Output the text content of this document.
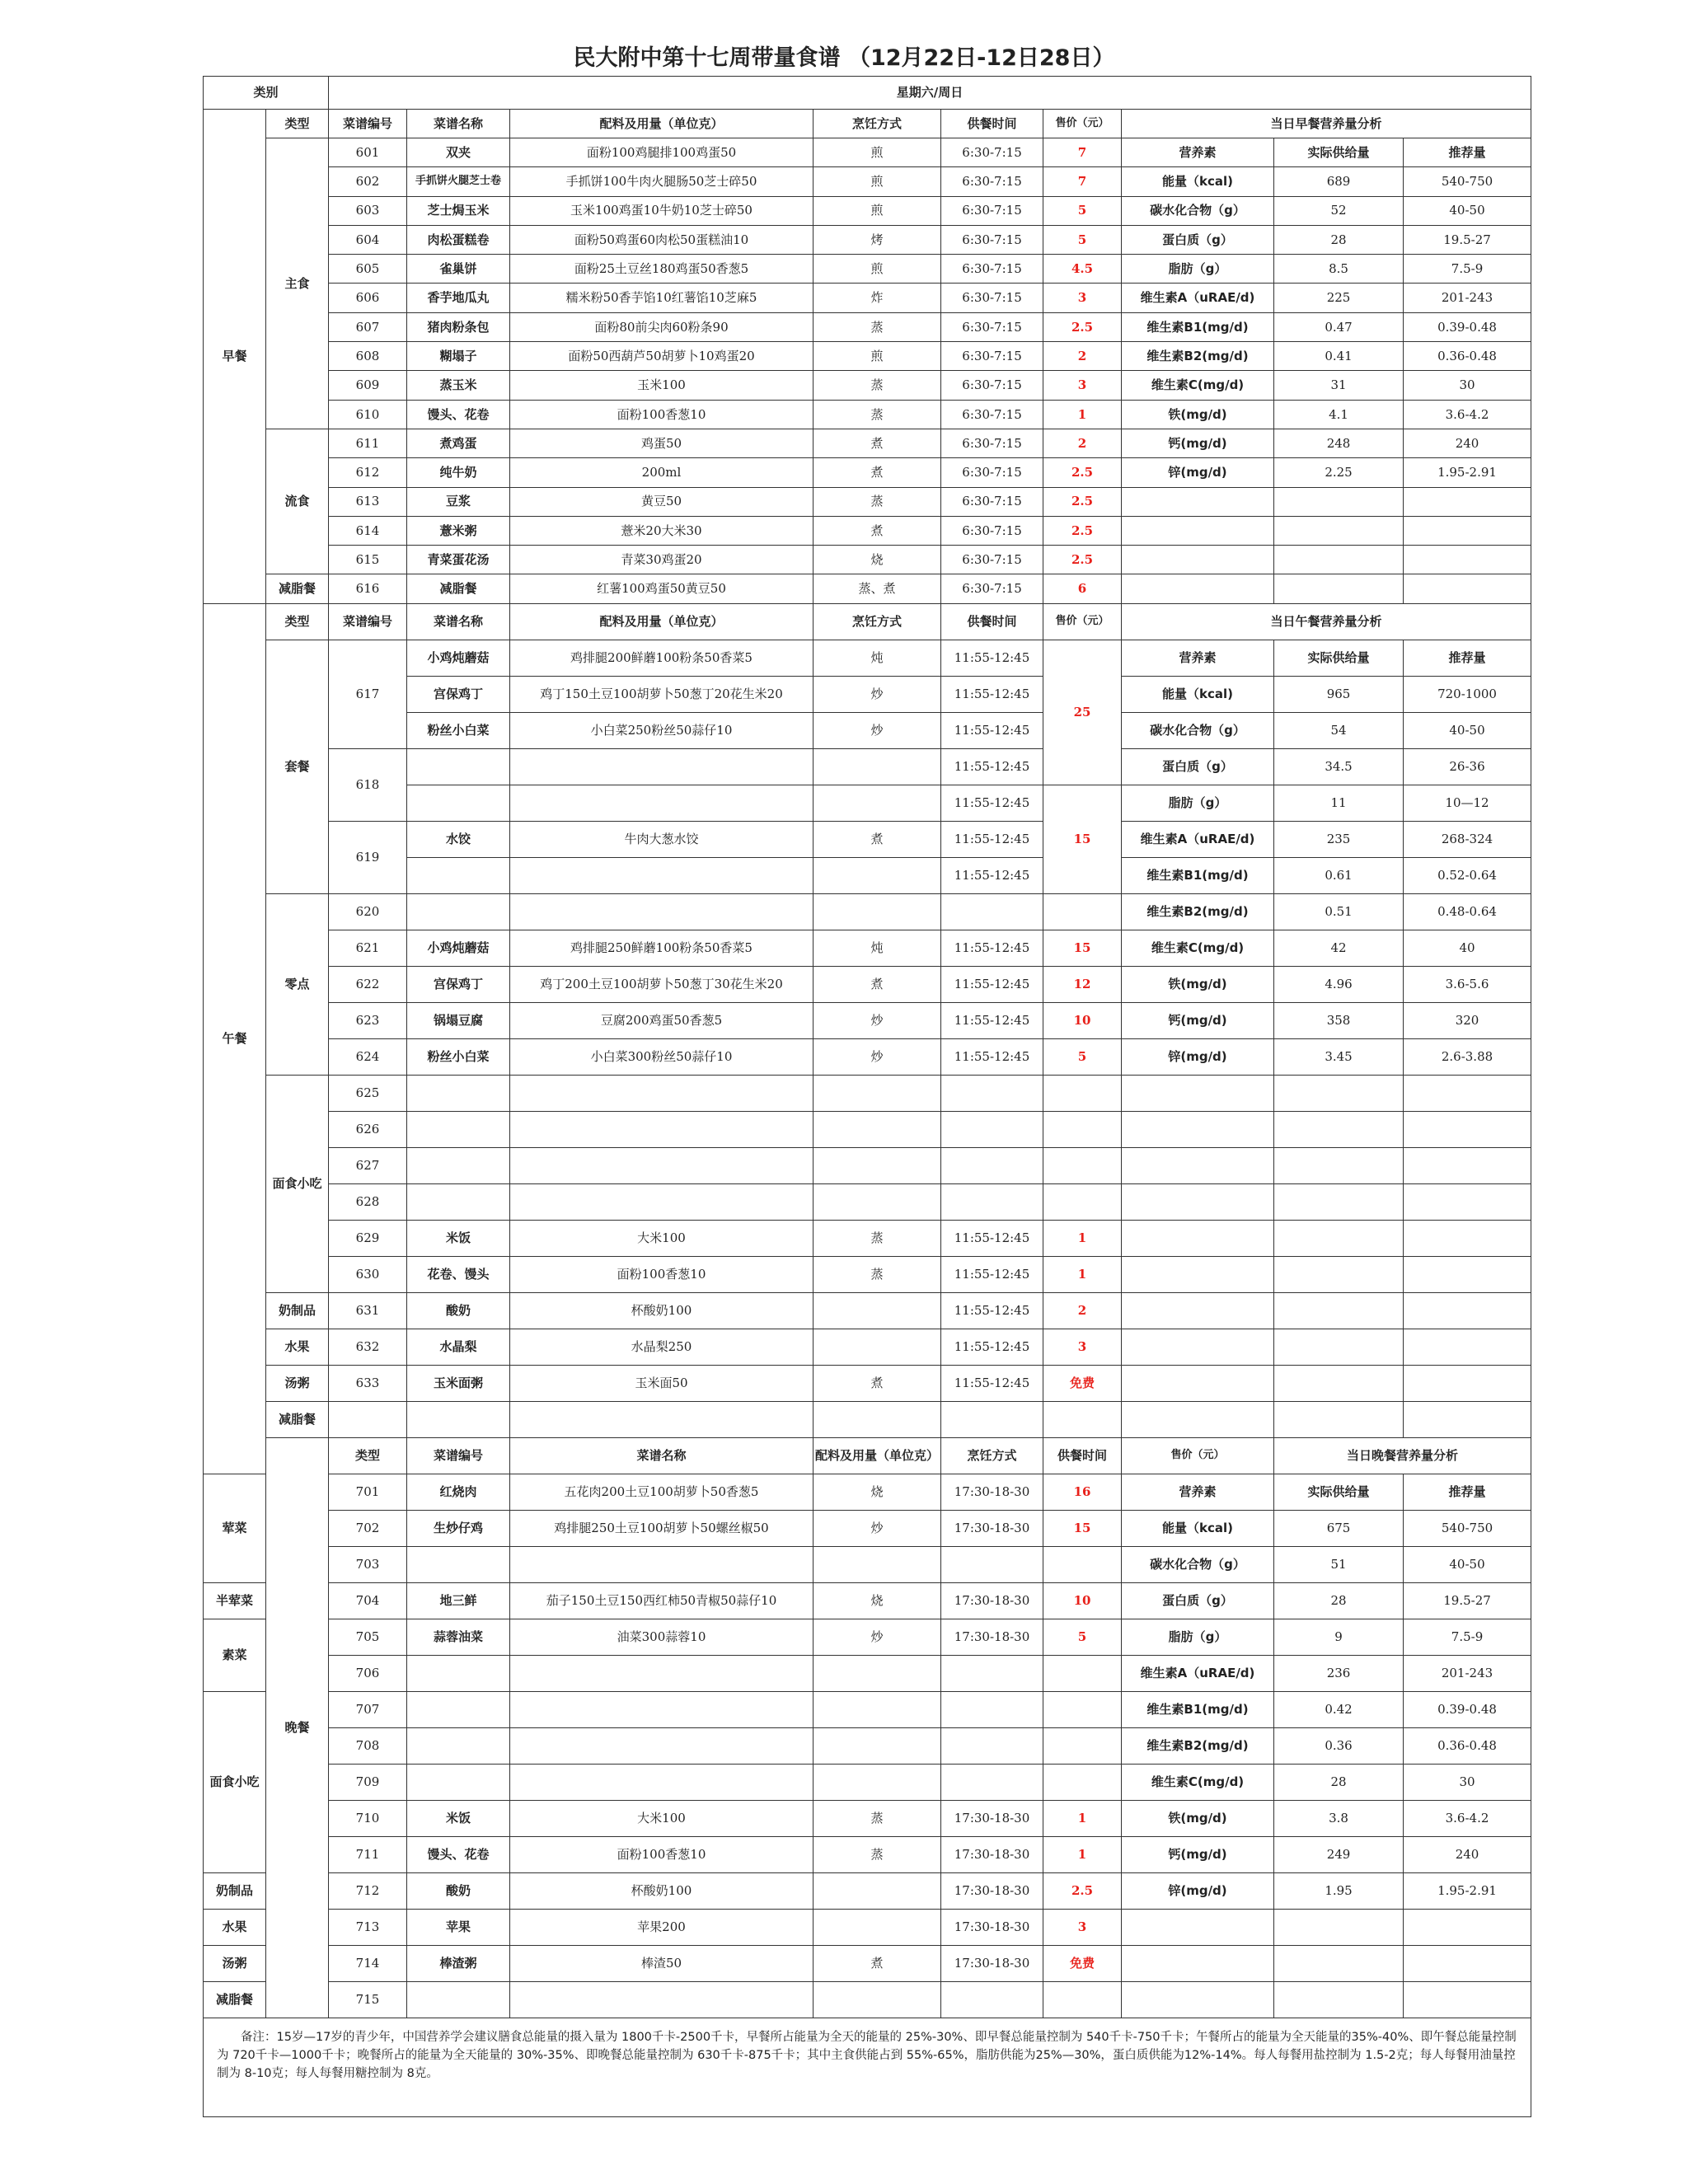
民大附中第十七周带量食谱 （12月22日-12日28日）
类别		星期六/周日								
早餐	类型	菜谱编号	菜谱名称	配料及用量（单位克）	烹饪方式	供餐时间	售价（元）	当日早餐营养量分析		
	主食	601	双夹	面粉100鸡腿排100鸡蛋50	煎	6:30-7:15	7	营养素	实际供给量	推荐量
		602	手抓饼火腿芝士卷	手抓饼100牛肉火腿肠50芝士碎50	煎	6:30-7:15	7	能量（kcal)	689	540-750
		603	芝士焗玉米	玉米100鸡蛋10牛奶10芝士碎50	煎	6:30-7:15	5	碳水化合物（g）	52	40-50
		604	肉松蛋糕卷	面粉50鸡蛋60肉松50蛋糕油10	烤	6:30-7:15	5	蛋白质（g）	28	19.5-27
		605	雀巢饼	面粉25土豆丝180鸡蛋50香葱5	煎	6:30-7:15	4.5	脂肪（g）	8.5	7.5-9
		606	香芋地瓜丸	糯米粉50香芋馅10红薯馅10芝麻5	炸	6:30-7:15	3	维生素A（uRAE/d)	225	201-243
		607	猪肉粉条包	面粉80前尖肉60粉条90	蒸	6:30-7:15	2.5	维生素B1(mg/d)	0.47	0.39-0.48
		608	糊塌子	面粉50西葫芦50胡萝卜10鸡蛋20	煎	6:30-7:15	2	维生素B2(mg/d)	0.41	0.36-0.48
		609	蒸玉米	玉米100	蒸	6:30-7:15	3	维生素C(mg/d)	31	30
		610	馒头、花卷	面粉100香葱10	蒸	6:30-7:15	1	铁(mg/d)	4.1	3.6-4.2
	流食	611	煮鸡蛋	鸡蛋50	煮	6:30-7:15	2	钙(mg/d)	248	240
		612	纯牛奶	200ml	煮	6:30-7:15	2.5	锌(mg/d)	2.25	1.95-2.91
		613	豆浆	黄豆50	蒸	6:30-7:15	2.5			
		614	薏米粥	薏米20大米30	煮	6:30-7:15	2.5			
		615	青菜蛋花汤	青菜30鸡蛋20	烧	6:30-7:15	2.5			
	减脂餐	616	减脂餐	红薯100鸡蛋50黄豆50	蒸、煮	6:30-7:15	6			
午餐	类型	菜谱编号	菜谱名称	配料及用量（单位克）	烹饪方式	供餐时间	售价（元）	当日午餐营养量分析		
	套餐	617	小鸡炖蘑菇	鸡排腿200鲜蘑100粉条50香菜5	炖	11:55-12:45	25	营养素	实际供给量	推荐量
			宫保鸡丁	鸡丁150土豆100胡萝卜50葱丁20花生米20	炒	11:55-12:45		能量（kcal)	965	720-1000
			粉丝小白菜	小白菜250粉丝50蒜仔10	炒	11:55-12:45		碳水化合物（g）	54	40-50
		618				11:55-12:45		蛋白质（g）	34.5	26-36
						11:55-12:45	15	脂肪（g）	11	10—12
		619	水饺	牛肉大葱水饺	煮	11:55-12:45		维生素A（uRAE/d)	235	268-324
						11:55-12:45		维生素B1(mg/d)	0.61	0.52-0.64
	零点	620						维生素B2(mg/d)	0.51	0.48-0.64
		621	小鸡炖蘑菇	鸡排腿250鲜蘑100粉条50香菜5	炖	11:55-12:45	15	维生素C(mg/d)	42	40
		622	宫保鸡丁	鸡丁200土豆100胡萝卜50葱丁30花生米20	煮	11:55-12:45	12	铁(mg/d)	4.96	3.6-5.6
		623	锅塌豆腐	豆腐200鸡蛋50香葱5	炒	11:55-12:45	10	钙(mg/d)	358	320
		624	粉丝小白菜	小白菜300粉丝50蒜仔10	炒	11:55-12:45	5	锌(mg/d)	3.45	2.6-3.88
	面食小吃	625								
		626								
		627								
		628								
		629	米饭	大米100	蒸	11:55-12:45	1			
		630	花卷、馒头	面粉100香葱10	蒸	11:55-12:45	1			
	奶制品	631	酸奶	杯酸奶100		11:55-12:45	2			
	水果	632	水晶梨	水晶梨250		11:55-12:45	3			
	汤粥	633	玉米面粥	玉米面50	煮	11:55-12:45	免费			
	减脂餐									
	晚餐	类型	菜谱编号	菜谱名称	配料及用量（单位克）	烹饪方式	供餐时间	售价（元）	当日晚餐营养量分析	
荤菜		701	红烧肉	五花肉200土豆100胡萝卜50香葱5	烧	17:30-18-30	16	营养素	实际供给量	推荐量
		702	生炒仔鸡	鸡排腿250土豆100胡萝卜50螺丝椒50	炒	17:30-18-30	15	能量（kcal)	675	540-750
		703						碳水化合物（g）	51	40-50
半荤菜		704	地三鲜	茄子150土豆150西红柿50青椒50蒜仔10	烧	17:30-18-30	10	蛋白质（g）	28	19.5-27
素菜		705	蒜蓉油菜	油菜300蒜蓉10	炒	17:30-18-30	5	脂肪（g）	9	7.5-9
		706						维生素A（uRAE/d)	236	201-243
面食小吃		707						维生素B1(mg/d)	0.42	0.39-0.48
		708						维生素B2(mg/d)	0.36	0.36-0.48
		709						维生素C(mg/d)	28	30
		710	米饭	大米100	蒸	17:30-18-30	1	铁(mg/d)	3.8	3.6-4.2
		711	馒头、花卷	面粉100香葱10	蒸	17:30-18-30	1	钙(mg/d)	249	240
奶制品		712	酸奶	杯酸奶100		17:30-18-30	2.5	锌(mg/d)	1.95	1.95-2.91
水果		713	苹果	苹果200		17:30-18-30	3			
汤粥		714	棒渣粥	棒渣50	煮	17:30-18-30	免费			
减脂餐		715								

备注：15岁—17岁的青少年，中国营养学会建议膳食总能量的摄入量为 1800千卡-2500千卡，早餐所占能量为全天的能量的 25%-30%、即早餐总能量控制为 540千卡-750千卡；午餐所占的能量为全天能量的35%-40%、即午餐总能量控制为 720千卡—1000千卡；晚餐所占的能量为全天能量的 30%-35%、即晚餐总能量控制为 630千卡-875千卡；其中主食供能占到 55%-65%，脂肪供能为25%—30%，蛋白质供能为12%-14%。每人每餐用盐控制为 1.5-2克；每人每餐用油量控制为 8-10克；每人每餐用糖控制为 8克。										
